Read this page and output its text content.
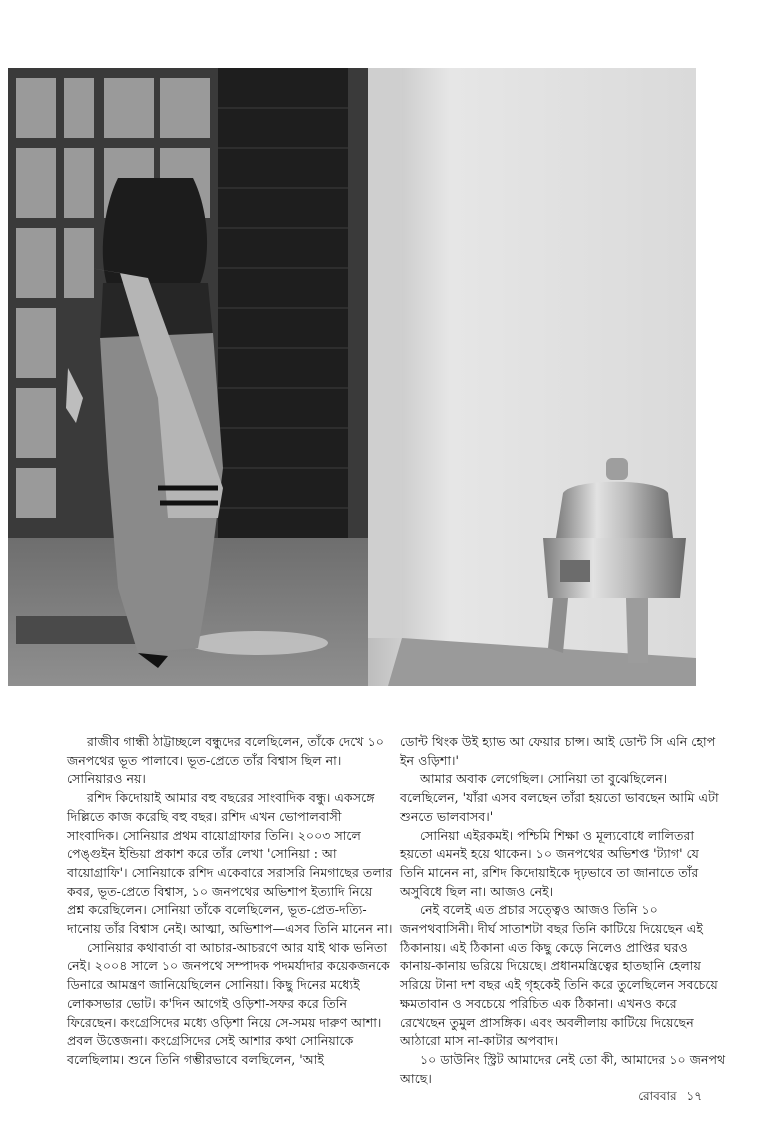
রাজীব গান্ধী ঠাট্টাচ্ছলে বন্ধুদের বলেছিলেন, তাঁকে দেখে ১০ জনপথের ভূত পালাবে। ভূত-প্রেতে তাঁর বিশ্বাস ছিল না। সোনিয়ারও নয়।

রশিদ কিদোয়াই আমার বহু বছরের সাংবাদিক বন্ধু। একসঙ্গে দিল্লিতে কাজ করেছি বহু বছর। রশিদ এখন ভোপালবাসী সাংবাদিক। সোনিয়ার প্রথম বায়োগ্রাফার তিনি। ২০০৩ সালে পেঙ্গুইন ইন্ডিয়া প্রকাশ করে তাঁর লেখা 'সোনিয়া : আ বায়োগ্রাফি'। সোনিয়াকে রশিদ একেবারে সরাসরি নিমগাছের তলার কবর, ভূত-প্রেতে বিশ্বাস, ১০ জনপথের অভিশাপ ইত্যাদি নিয়ে প্রশ্ন করেছিলেন। সোনিয়া তাঁকে বলেছিলেন, ভূত-প্রেত-দত্যি-দানোয় তাঁর বিশ্বাস নেই। আত্মা, অভিশাপ—এসব তিনি মানেন না।

সোনিয়ার কথাবার্তা বা আচার-আচরণে আর যাই থাক ভনিতা নেই। ২০০৪ সালে ১০ জনপথে সম্পাদক পদমর্যাদার কয়েকজনকে ডিনারে আমন্ত্রণ জানিয়েছিলেন সোনিয়া। কিছু দিনের মধ্যেই লোকসভার ভোট। ক'দিন আগেই ওড়িশা-সফর করে তিনি ফিরেছেন। কংগ্রেসিদের মধ্যে ওড়িশা নিয়ে সে-সময় দারুণ আশা। প্রবল উত্তেজনা। কংগ্রেসিদের সেই আশার কথা সোনিয়াকে বলেছিলাম। শুনে তিনি গম্ভীরভাবে বলছিলেন, 'আই

ডোন্ট থিংক উই হ্যাভ আ ফেয়ার চান্স। আই ডোন্ট সি এনি হোপ ইন ওড়িশা।'

আমার অবাক লেগেছিল। সোনিয়া তা বুঝেছিলেন। বলেছিলেন, 'যাঁরা এসব বলছেন তাঁরা হয়তো ভাবছেন আমি এটা শুনতে ভালবাসব।'

সোনিয়া এইরকমই। পশ্চিমি শিক্ষা ও মূল্যবোধে লালিতরা হয়তো এমনই হয়ে থাকেন। ১০ জনপথের অভিশপ্ত 'ট্যাগ' যে তিনি মানেন না, রশিদ কিদোয়াইকে দৃঢ়ভাবে তা জানাতে তাঁর অসুবিধে ছিল না। আজও নেই।

নেই বলেই এত প্রচার সত্ত্বেও আজও তিনি ১০ জনপথবাসিনী। দীর্ঘ সাতাশটা বছর তিনি কাটিয়ে দিয়েছেন এই ঠিকানায়। এই ঠিকানা এত কিছু কেড়ে নিলেও প্রাপ্তির ঘরও কানায়-কানায় ভরিয়ে দিয়েছে। প্রধানমন্ত্রিত্বের হাতছানি হেলায় সরিয়ে টানা দশ বছর এই গৃহকেই তিনি করে তুলেছিলেন সবচেয়ে ক্ষমতাবান ও সবচেয়ে পরিচিত এক ঠিকানা। এখনও করে রেখেছেন তুমুল প্রাসঙ্গিক। এবং অবলীলায় কাটিয়ে দিয়েছেন আঠারো মাস না-কাটার অপবাদ।

১০ ডাউনিং স্ট্রিট আমাদের নেই তো কী, আমাদের ১০ জনপথ আছে।

রোববার ১৭
